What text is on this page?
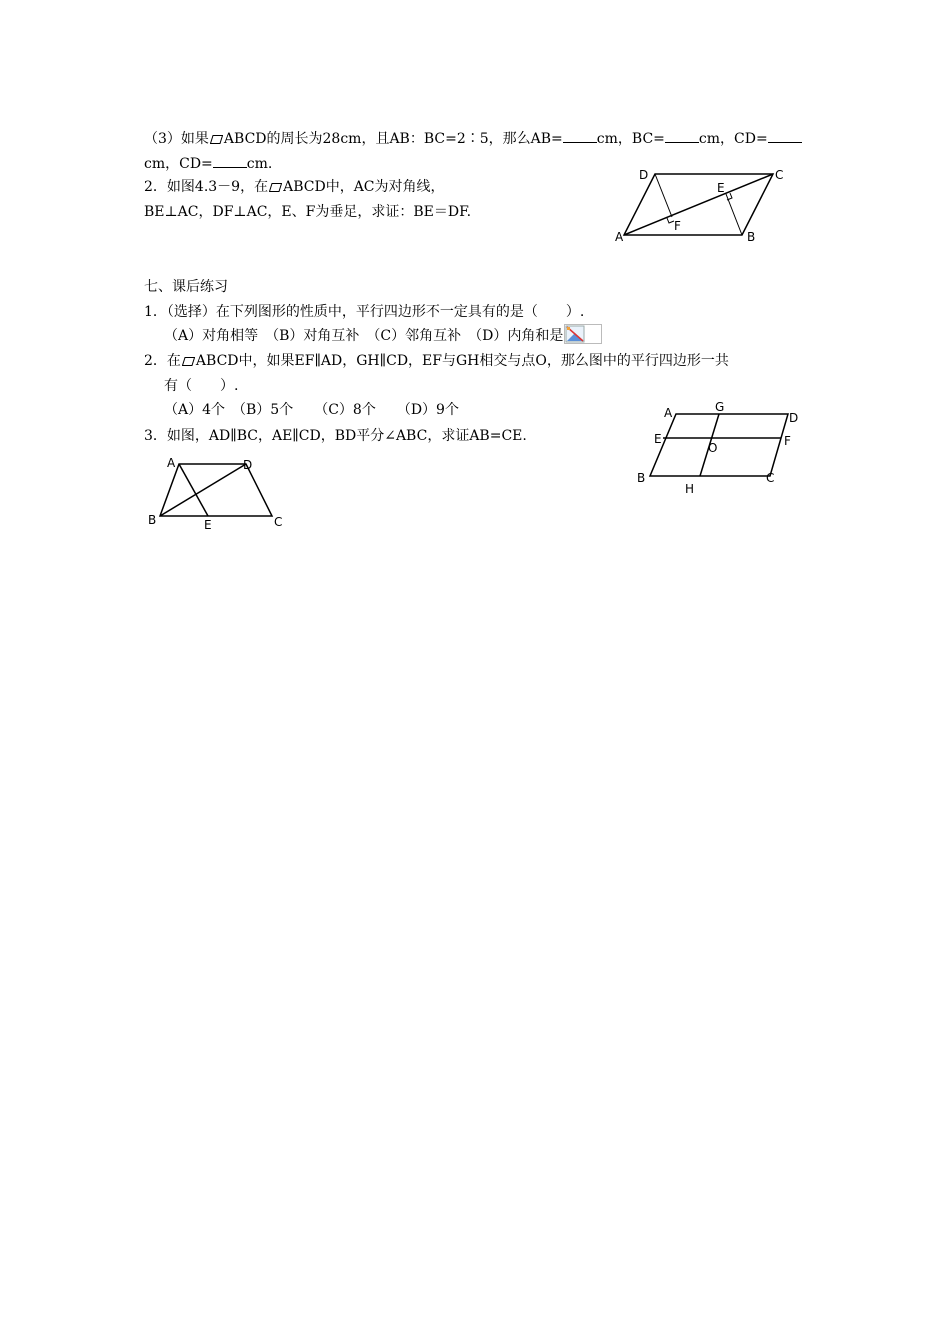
（3）如果 ABCD的周长为28cm，且AB：BC=2∶5，那么AB= cm，BC= cm，CD=
cm，CD= cm.
2．如图4.3－9，在 ABCD中，AC为对角线，
BE⊥AC，DF⊥AC，E、F为垂足，求证：BE＝DF.
D	C
A	B
E
F
七、课后练习
1．（选择）在下列图形的性质中，平行四边形不一定具有的是（　　）.
（A）对角相等　（B）对角互补　（C）邻角互补　（D）内角和是
2．在 ABCD中，如果EF∥AD，GH∥CD，EF与GH相交与点O，那么图中的平行四边形一共
有（　　）.
（A）4个　（B）5个　　（C）8个　　（D）9个	A	G
D
E
O	F
B
H
C
3．如图，AD∥BC，AE∥CD，BD平分∠ABC，求证AB=CE.
A	D
B	E	C
